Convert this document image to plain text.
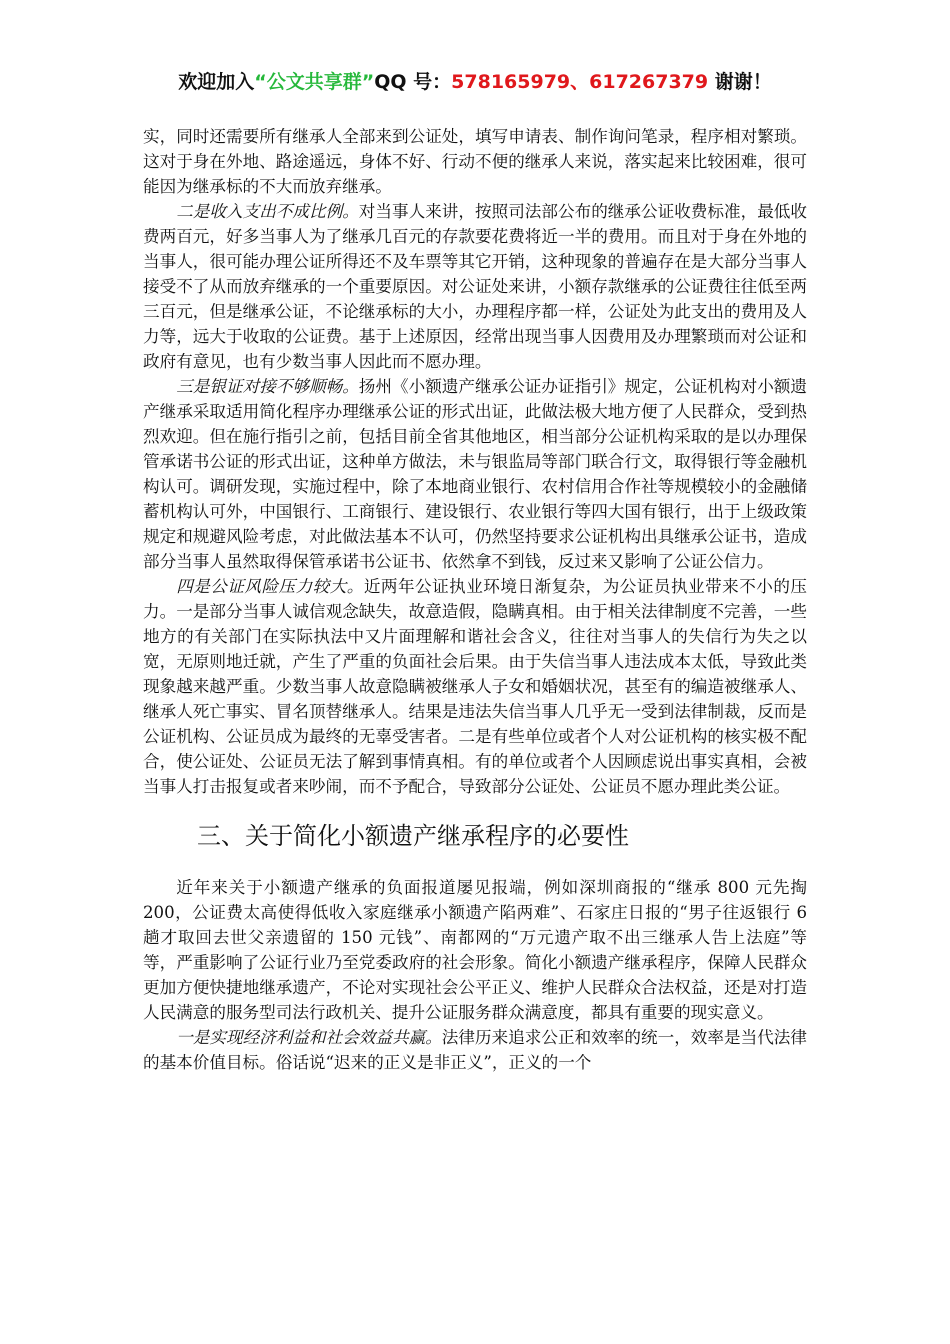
欢迎加入“公文共享群”QQ 号：578165979、617267379 谢谢！

实，同时还需要所有继承人全部来到公证处，填写申请表、制作询问笔录，程序相对繁琐。这对于身在外地、路途遥远，身体不好、行动不便的继承人来说，落实起来比较困难，很可能因为继承标的不大而放弃继承。

二是收入支出不成比例。对当事人来讲，按照司法部公布的继承公证收费标准，最低收费两百元，好多当事人为了继承几百元的存款要花费将近一半的费用。而且对于身在外地的当事人，很可能办理公证所得还不及车票等其它开销，这种现象的普遍存在是大部分当事人接受不了从而放弃继承的一个重要原因。对公证处来讲，小额存款继承的公证费往往低至两三百元，但是继承公证，不论继承标的大小，办理程序都一样，公证处为此支出的费用及人力等，远大于收取的公证费。基于上述原因，经常出现当事人因费用及办理繁琐而对公证和政府有意见，也有少数当事人因此而不愿办理。

三是银证对接不够顺畅。扬州《小额遗产继承公证办证指引》规定，公证机构对小额遗产继承采取适用简化程序办理继承公证的形式出证，此做法极大地方便了人民群众，受到热烈欢迎。但在施行指引之前，包括目前全省其他地区，相当部分公证机构采取的是以办理保管承诺书公证的形式出证，这种单方做法，未与银监局等部门联合行文，取得银行等金融机构认可。调研发现，实施过程中，除了本地商业银行、农村信用合作社等规模较小的金融储蓄机构认可外，中国银行、工商银行、建设银行、农业银行等四大国有银行，出于上级政策规定和规避风险考虑，对此做法基本不认可，仍然坚持要求公证机构出具继承公证书，造成部分当事人虽然取得保管承诺书公证书、依然拿不到钱，反过来又影响了公证公信力。

四是公证风险压力较大。近两年公证执业环境日渐复杂，为公证员执业带来不小的压力。一是部分当事人诚信观念缺失，故意造假，隐瞒真相。由于相关法律制度不完善，一些地方的有关部门在实际执法中又片面理解和谐社会含义，往往对当事人的失信行为失之以宽，无原则地迁就，产生了严重的负面社会后果。由于失信当事人违法成本太低，导致此类现象越来越严重。少数当事人故意隐瞒被继承人子女和婚姻状况，甚至有的编造被继承人、继承人死亡事实、冒名顶替继承人。结果是违法失信当事人几乎无一受到法律制裁，反而是公证机构、公证员成为最终的无辜受害者。二是有些单位或者个人对公证机构的核实极不配合，使公证处、公证员无法了解到事情真相。有的单位或者个人因顾虑说出事实真相，会被当事人打击报复或者来吵闹，而不予配合，导致部分公证处、公证员不愿办理此类公证。

三、关于简化小额遗产继承程序的必要性

近年来关于小额遗产继承的负面报道屡见报端，例如深圳商报的“继承 800 元先掏 200，公证费太高使得低收入家庭继承小额遗产陷两难”、石家庄日报的“男子往返银行 6 趟才取回去世父亲遗留的 150 元钱”、南都网的“万元遗产取不出三继承人告上法庭”等等，严重影响了公证行业乃至党委政府的社会形象。简化小额遗产继承程序，保障人民群众更加方便快捷地继承遗产，不论对实现社会公平正义、维护人民群众合法权益，还是对打造人民满意的服务型司法行政机关、提升公证服务群众满意度，都具有重要的现实意义。

一是实现经济利益和社会效益共赢。法律历来追求公正和效率的统一，效率是当代法律的基本价值目标。俗话说“迟来的正义是非正义”，正义的一个
